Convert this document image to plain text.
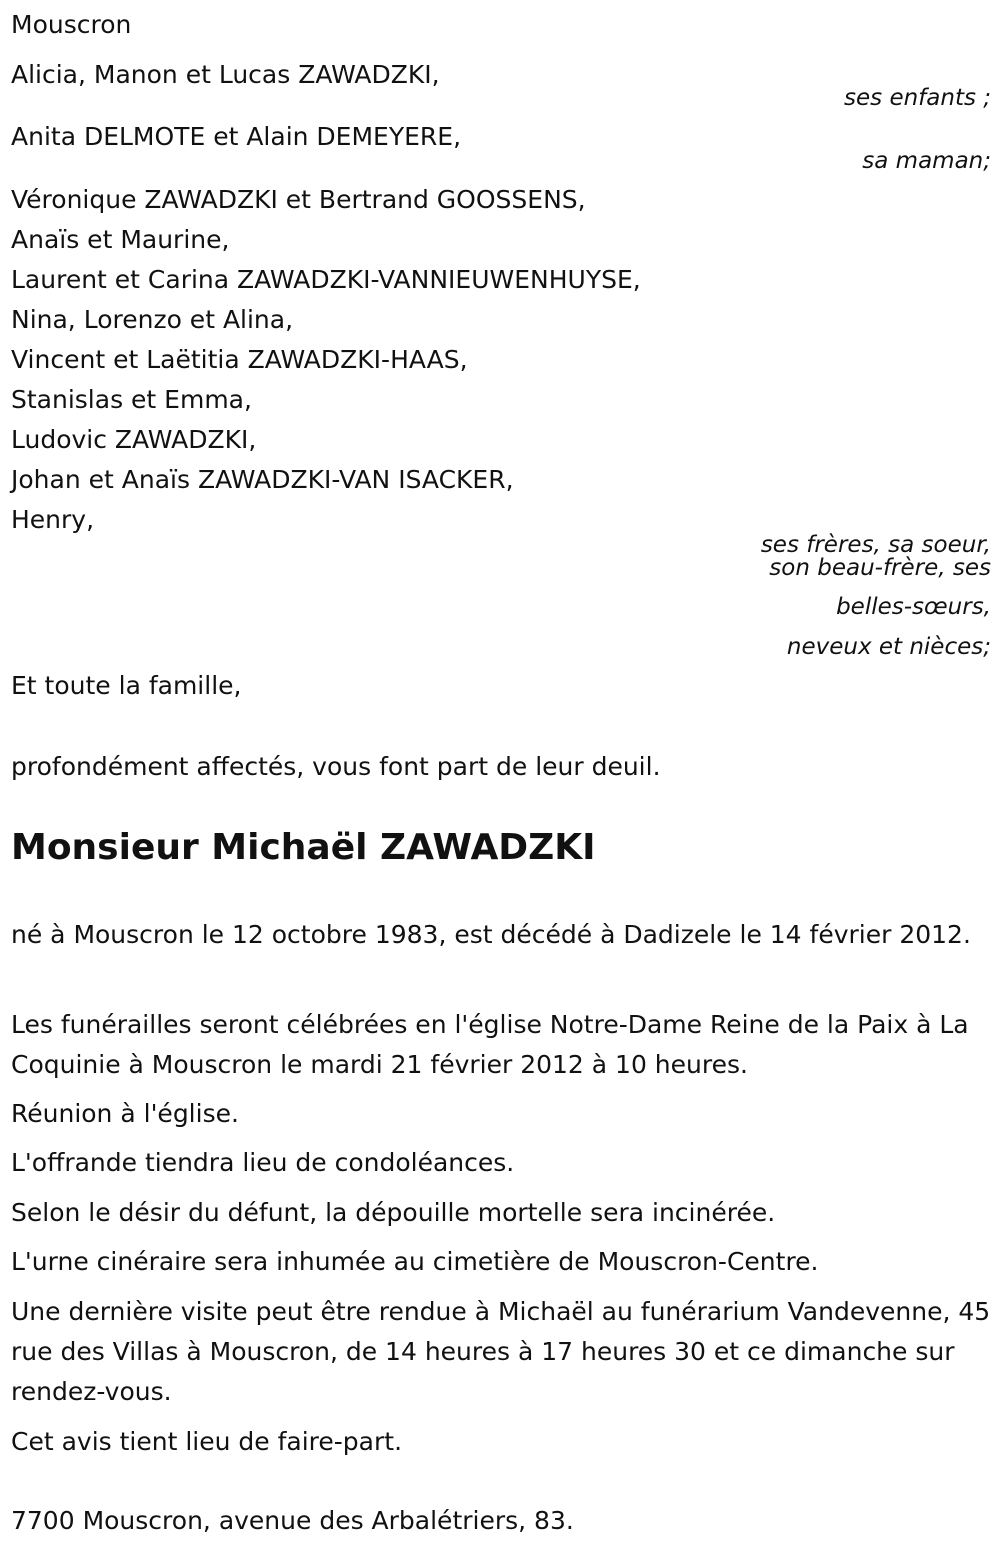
Mouscron
Alicia, Manon et Lucas ZAWADZKI,
ses enfants ;
Anita DELMOTE et Alain DEMEYERE,
sa maman;
Véronique ZAWADZKI et Bertrand GOOSSENS,
Anaïs et Maurine,
Laurent et Carina ZAWADZKI-VANNIEUWENHUYSE,
Nina, Lorenzo et Alina,
Vincent et Laëtitia ZAWADZKI-HAAS,
Stanislas et Emma,
Ludovic ZAWADZKI,
Johan et Anaïs ZAWADZKI-VAN ISACKER,
Henry,
ses frères, sa soeur,
son beau-frère, ses
belles-sœurs,
neveux et nièces;
Et toute la famille,
profondément affectés, vous font part de leur deuil.
Monsieur Michaël ZAWADZKI
né à Mouscron le 12 octobre 1983, est décédé à Dadizele le 14 février 2012.
Les funérailles seront célébrées en l'église Notre-Dame Reine de la Paix à La Coquinie à Mouscron le mardi 21 février 2012 à 10 heures.
Réunion à l'église.
L'offrande tiendra lieu de condoléances.
Selon le désir du défunt, la dépouille mortelle sera incinérée.
L'urne cinéraire sera inhumée au cimetière de Mouscron-Centre.
Une dernière visite peut être rendue à Michaël au funérarium Vandevenne, 45 rue des Villas à Mouscron, de 14 heures à 17 heures 30 et ce dimanche sur rendez-vous.
Cet avis tient lieu de faire-part.
7700 Mouscron, avenue des Arbalétriers, 83.
